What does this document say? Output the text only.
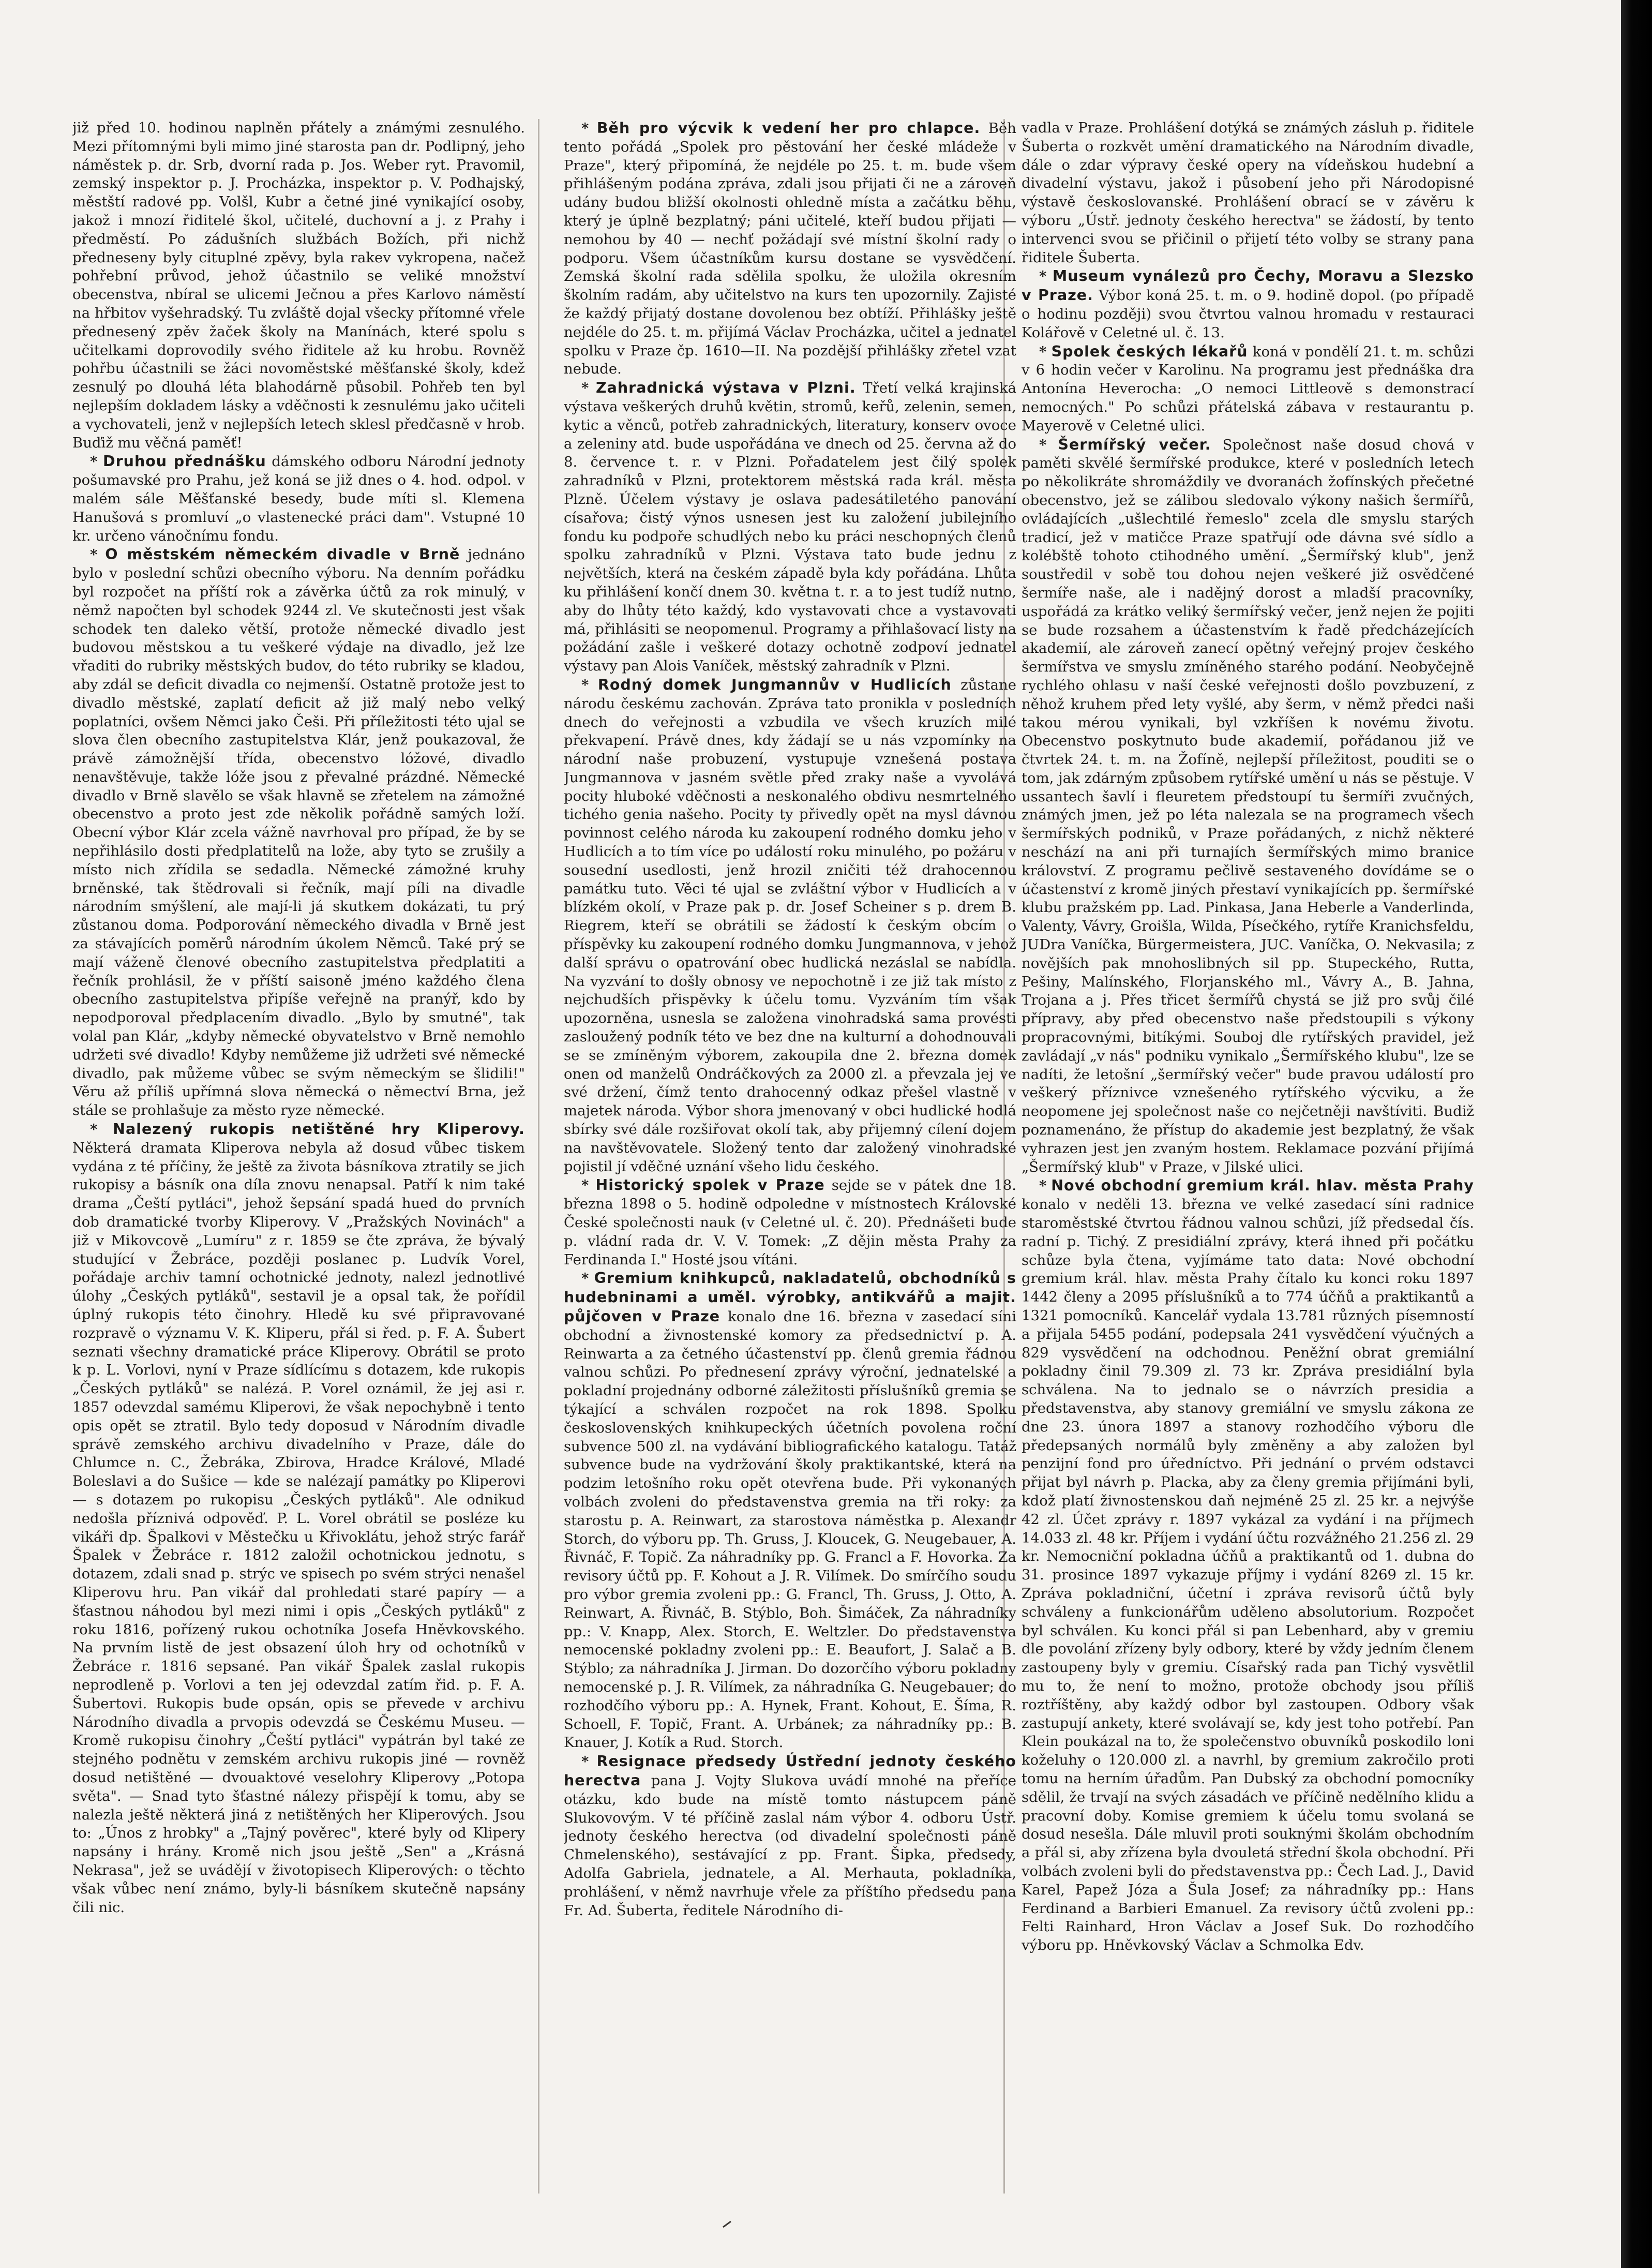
již před 10. hodinou naplněn přátely a známými zesnulého. Mezi přítomnými byli mimo jiné starosta pan dr. Podlipný, jeho náměstek p. dr. Srb, dvorní rada p. Jos. Weber ryt. Pravomil, zemský inspektor p. J. Procházka, inspektor p. V. Podhajský, městští radové pp. Volšl, Kubr a četné jiné vynikající osoby, jakož i mnozí řiditelé škol, učitelé, duchovní a j. z Prahy i předměstí. Po zádušních službách Božích, při nichž předneseny byly cituplné zpěvy, byla rakev vykropena, načež pohřební průvod, jehož účastnilo se veliké množství obecenstva, nbíral se ulicemi Ječnou a přes Karlovo náměstí na hřbitov vyšehradský. Tu zvláště dojal všecky přítomné vřele přednesený zpěv žaček školy na Manínách, které spolu s učitelkami doprovodily svého řiditele až ku hrobu. Rovněž pohřbu účastnili se žáci novoměstské měšťanské školy, kdež zesnulý po dlouhá léta blahodárně působil. Pohřeb ten byl nejlepším dokladem lásky a vděčnosti k zesnulému jako učiteli a vychovateli, jenž v nejlepších letech sklesl předčasně v hrob. Buďiž mu věčná paměť!

* Druhou přednášku dámského odboru Národní jednoty pošumavské pro Prahu, jež koná se již dnes o 4. hod. odpol. v malém sále Měšťanské besedy, bude míti sl. Klemena Hanušová s promluví „o vlastenecké práci dam". Vstupné 10 kr. určeno vánočnímu fondu.

* O městském německém divadle v Brně jednáno bylo v poslední schůzi obecního výboru. Na denním pořádku byl rozpočet na příští rok a závěrka účtů za rok minulý, v němž napočten byl schodek 9244 zl. Ve skutečnosti jest však schodek ten daleko větší, protože německé divadlo jest budovou městskou a tu veškeré výdaje na divadlo, jež lze vřaditi do rubriky městských budov, do této rubriky se kladou, aby zdál se deficit divadla co nejmenší. Ostatně protože jest to divadlo městské, zaplatí deficit až již malý nebo velký poplatníci, ovšem Němci jako Češi. Při příležitosti této ujal se slova člen obecního zastupitelstva Klár, jenž poukazoval, že právě zámožnější třída, obecenstvo lóžové, divadlo nenavštěvuje, takže lóže jsou z převalné prázdné. Německé divadlo v Brně slavělo se však hlavně se zřetelem na zámožné obecenstvo a proto jest zde několik pořádně samých loží. Obecní výbor Klár zcela vážně navrhoval pro případ, že by se nepřihlásilo dosti předplatitelů na lože, aby tyto se zrušily a místo nich zřídila se sedadla. Německé zámožné kruhy brněnské, tak štědrovali si řečník, mají píli na divadle národním smýšlení, ale mají-li já skutkem dokázati, tu prý zůstanou doma. Podporování německého divadla v Brně jest za stávajících poměrů národním úkolem Němců. Také prý se mají váženě členové obecního zastupitelstva předplatiti a řečník prohlásil, že v příští saisoně jméno každého člena obecního zastupitelstva připíše veřejně na pranýř, kdo by nepodporoval předplacením divadlo. „Bylo by smutné", tak volal pan Klár, „kdyby německé obyvatelstvo v Brně nemohlo udržeti své divadlo! Kdyby nemůžeme již udržeti své německé divadlo, pak můžeme vůbec se svým německým se šlidili!" Věru až příliš upřímná slova německá o němectví Brna, jež stále se prohlašuje za město ryze německé.

* Nalezený rukopis netištěné hry Kliperovy. Některá dramata Kliperova nebyla až dosud vůbec tiskem vydána z té příčiny, že ještě za života básníkova ztratily se jich rukopisy a básník ona díla znovu nenapsal. Patří k nim také drama „Čeští pytláci", jehož šepsání spadá hued do prvních dob dramatické tvorby Kliperovy. V „Pražských Novinách" a již v Mikovcově „Lumíru" z r. 1859 se čte zpráva, že bývalý studující v Žebráce, později poslanec p. Ludvík Vorel, pořádaje archiv tamní ochotnické jednoty, nalezl jednotlivé úlohy „Českých pytláků", sestavil je a opsal tak, že pořídil úplný rukopis této činohry. Hledě ku své připravované rozpravě o významu V. K. Kliperu, přál si řed. p. F. A. Šubert seznati všechny dramatické práce Kliperovy. Obrátil se proto k p. L. Vorlovi, nyní v Praze sídlícímu s dotazem, kde rukopis „Českých pytláků" se nalézá. P. Vorel oznámil, že jej asi r. 1857 odevzdal samému Kliperovi, že však nepochybně i tento opis opět se ztratil. Bylo tedy doposud v Národním divadle správě zemského archivu divadelního v Praze, dále do Chlumce n. C., Žebráka, Zbirova, Hradce Králové, Mladé Boleslavi a do Sušice — kde se nalézají památky po Kliperovi — s dotazem po rukopisu „Českých pytláků". Ale odnikud nedošla příznivá odpověď. P. L. Vorel obrátil se posléze ku vikáři dp. Špalkovi v Městečku u Křivoklátu, jehož strýc farář Špalek v Žebráce r. 1812 založil ochotnickou jednotu, s dotazem, zdali snad p. strýc ve spisech po svém strýci nenašel Kliperovu hru. Pan vikář dal prohledati staré papíry — a šťastnou náhodou byl mezi nimi i opis „Českých pytláků" z roku 1816, pořízený rukou ochotníka Josefa Hněvkovského. Na prvním listě de jest obsazení úloh hry od ochotníků v Žebráce r. 1816 sepsané. Pan vikář Špalek zaslal rukopis neprodleně p. Vorlovi a ten jej odevzdal zatím řid. p. F. A. Šubertovi. Rukopis bude opsán, opis se převede v archivu Národního divadla a prvopis odevzdá se Českému Museu. — Kromě rukopisu činohry „Čeští pytláci" vypátrán byl také ze stejného podnětu v zemském archivu rukopis jiné — rovněž dosud netištěné — dvouaktové veselohry Kliperovy „Potopa světa". — Snad tyto šťastné nálezy přispějí k tomu, aby se nalezla ještě některá jiná z netištěných her Kliperových. Jsou to: „Únos z hrobky" a „Tajný pověrec", které byly od Klipery napsány i hrány. Kromě nich jsou ještě „Sen" a „Krásná Nekrasa", jež se uvádějí v životopisech Kliperových: o těchto však vůbec není známo, byly-li básníkem skutečně napsány čili nic.

* Běh pro výcvik k vedení her pro chlapce. Běh tento pořádá „Spolek pro pěstování her české mládeže v Praze", který připomíná, že nejdéle po 25. t. m. bude všem přihlášeným podána zpráva, zdali jsou přijati či ne a zároveň udány budou bližší okolnosti ohledně místa a začátku běhu, který je úplně bezplatný; páni učitelé, kteří budou přijati — nemohou by 40 — nechť požádají své místní školní rady o podporu. Všem účastníkům kursu dostane se vysvědčení. Zemská školní rada sdělila spolku, že uložila okresním školním radám, aby učitelstvo na kurs ten upozornily. Zajisté že každý přijatý dostane dovolenou bez obtíží. Přihlášky ještě nejdéle do 25. t. m. přijímá Václav Procházka, učitel a jednatel spolku v Praze čp. 1610—II. Na pozdější přihlášky zřetel vzat nebude.

* Zahradnická výstava v Plzni. Třetí velká krajinská výstava veškerých druhů květin, stromů, keřů, zelenin, semen, kytic a věnců, potřeb zahradnických, literatury, konserv ovoce a zeleniny atd. bude uspořádána ve dnech od 25. června až do 8. července t. r. v Plzni. Pořadatelem jest čilý spolek zahradníků v Plzni, protektorem městská rada král. města Plzně. Účelem výstavy je oslava padesátiletého panování císařova; čistý výnos usnesen jest ku založení jubilejního fondu ku podpoře schudlých nebo ku práci neschopných členů spolku zahradníků v Plzni. Výstava tato bude jednu z největších, která na českém západě byla kdy pořádána. Lhůta ku přihlášení končí dnem 30. května t. r. a to jest tudíž nutno, aby do lhůty této každý, kdo vystavovati chce a vystavovati má, přihlásiti se neopomenul. Programy a přihlašovací listy na požádání zašle i veškeré dotazy ochotně zodpoví jednatel výstavy pan Alois Vaníček, městský zahradník v Plzni.

* Rodný domek Jungmannův v Hudlicích zůstane národu českému zachován. Zpráva tato pronikla v posledních dnech do veřejnosti a vzbudila ve všech kruzích milé překvapení. Právě dnes, kdy žádají se u nás vzpomínky na národní naše probuzení, vystupuje vznešená postava Jungmannova v jasném světle před zraky naše a vyvolává pocity hluboké vděčnosti a neskonalého obdivu nesmrtelného tichého genia našeho. Pocity ty přivedly opět na mysl dávnou povinnost celého národa ku zakoupení rodného domku jeho v Hudlicích a to tím více po událostí roku minulého, po požáru v sousední usedlosti, jenž hrozil zničiti též drahocennou památku tuto. Věci té ujal se zvláštní výbor v Hudlicích a v blízkém okolí, v Praze pak p. dr. Josef Scheiner s p. drem B. Riegrem, kteří se obrátili se žádostí k českým obcím o příspěvky ku zakoupení rodného domku Jungmannova, v jehož další správu o opatrování obec hudlická nezáslal se nabídla. Na vyzvání to došly obnosy ve nepochotně i ze již tak místo z nejchudších přispěvky k účelu tomu. Vyzváním tím však upozorněna, usnesla se založena vinohradská sama provésti zasloužený podník této ve bez dne na kulturní a dohodnouvali se se zmíněným výborem, zakoupila dne 2. března domek onen od manželů Ondráčkových za 2000 zl. a převzala jej ve své držení, čímž tento drahocenný odkaz přešel vlastně v majetek národa. Výbor shora jmenovaný v obci hudlické hodlá sbírky své dále rozšiřovat okolí tak, aby přijemný cílení dojem na navštěvovatele. Složený tento dar založený vinohradské pojistil jí vděčné uznání všeho lidu českého.

* Historický spolek v Praze sejde se v pátek dne 18. března 1898 o 5. hodině odpoledne v místnostech Královské České společnosti nauk (v Celetné ul. č. 20). Přednášeti bude p. vládní rada dr. V. V. Tomek: „Z dějin města Prahy za Ferdinanda I." Hosté jsou vítáni.

* Gremium knihkupců, nakladatelů, obchodníků s hudebninami a uměl. výrobky, antikvářů a majit. půjčoven v Praze konalo dne 16. března v zasedací síni obchodní a živnostenské komory za předsednictví p. A. Reinwarta a za četného účastenství pp. členů gremia řádnou valnou schůzi. Po přednesení zprávy výroční, jednatelské a pokladní projednány odborné záležitosti příslušníků gremia se týkající a schválen rozpočet na rok 1898. Spolku československých knihkupeckých účetních povolena roční subvence 500 zl. na vydávání bibliografického katalogu. Tatáž subvence bude na vydržování školy praktikantské, která na podzim letošního roku opět otevřena bude. Při vykonaných volbách zvoleni do představenstva gremia na tři roky: za starostu p. A. Reinwart, za starostova náměstka p. Alexandr Storch, do výboru pp. Th. Gruss, J. Kloucek, G. Neugebauer, A. Řivnáč, F. Topič. Za náhradníky pp. G. Francl a F. Hovorka. Za revisory účtů pp. F. Kohout a J. R. Vilímek. Do smírčího soudu pro výbor gremia zvoleni pp.: G. Francl, Th. Gruss, J. Otto, A. Reinwart, A. Řivnáč, B. Stýblo, Boh. Šimáček, Za náhradníky pp.: V. Knapp, Alex. Storch, E. Weltzler. Do představenstva nemocenské pokladny zvoleni pp.: E. Beaufort, J. Salač a B. Stýblo; za náhradníka J. Jirman. Do dozorčího výboru pokladny nemocenské p. J. R. Vilímek, za náhradníka G. Neugebauer; do rozhodčího výboru pp.: A. Hynek, Frant. Kohout, E. Šíma, R. Schoell, F. Topič, Frant. A. Urbánek; za náhradníky pp.: B. Knauer, J. Kotík a Rud. Storch.

* Resignace předsedy Ústřední jednoty českého herectva pana J. Vojty Slukova uvádí mnohé na přeříce otázku, kdo bude na místě tomto nástupcem páně Slukovovým. V té příčině zaslal nám výbor 4. odboru Ústř. jednoty českého herectva (od divadelní společnosti páně Chmelenského), sestávající z pp. Frant. Šipka, předsedy, Adolfa Gabriela, jednatele, a Al. Merhauta, pokladníka, prohlášení, v němž navrhuje vřele za příštího předsedu pana Fr. Ad. Šuberta, ředitele Národního di-

vadla v Praze. Prohlášení dotýká se známých zásluh p. řiditele Šuberta o rozkvět umění dramatického na Národním divadle, dále o zdar výpravy české opery na vídeňskou hudební a divadelní výstavu, jakož i působení jeho při Národopisné výstavě českoslovanské. Prohlášení obrací se v závěru k výboru „Ústř. jednoty českého herectva" se žádostí, by tento intervenci svou se přičinil o přijetí této volby se strany pana řiditele Šuberta.

* Museum vynálezů pro Čechy, Moravu a Slezsko v Praze. Výbor koná 25. t. m. o 9. hodině dopol. (po případě o hodinu později) svou čtvrtou valnou hromadu v restauraci Kolářově v Celetné ul. č. 13.

* Spolek českých lékařů koná v pondělí 21. t. m. schůzi v 6 hodin večer v Karolinu. Na programu jest přednáška dra Antonína Heverocha: „O nemoci Littleově s demonstrací nemocných." Po schůzi přátelská zábava v restaurantu p. Mayerově v Celetné ulici.

* Šermířský večer. Společnost naše dosud chová v paměti skvělé šermířské produkce, které v posledních letech po několikráte shromáždily ve dvoranách žofínských přečetné obecenstvo, jež se zálibou sledovalo výkony našich šermířů, ovládajících „ušlechtilé řemeslo" zcela dle smyslu starých tradicí, jež v matičce Praze spatřují ode dávna své sídlo a kolébště tohoto ctihodného umění. „Šermířský klub", jenž soustředil v sobě tou dohou nejen veškeré již osvědčené šermíře naše, ale i nadějný dorost a mladší pracovníky, uspořádá za krátko veliký šermířský večer, jenž nejen že pojiti se bude rozsahem a účastenstvím k řadě předcházejících akademií, ale zároveň zanecí opětný veřejný projev českého šermířstva ve smyslu zmíněného starého podání. Neobyčejně rychlého ohlasu v naší české veřejnosti došlo povzbuzení, z něhož kruhem před lety vyšlé, aby šerm, v němž předci naši takou mérou vynikali, byl vzkříšen k novému životu. Obecenstvo poskytnuto bude akademií, pořádanou již ve čtvrtek 24. t. m. na Žofíně, nejlepší příležitost, pouditi se o tom, jak zdárným způsobem rytířské umění u nás se pěstuje. V ussantech šavlí i fleuretem předstoupí tu šermíři zvučných, známých jmen, jež po léta nalezala se na programech všech šermířských podniků, v Praze pořádaných, z nichž některé neschází na ani při turnajích šermířských mimo branice království. Z programu pečlivě sestaveného dovídáme se o účastenství z kromě jiných přestaví vynikajících pp. šermířské klubu pražském pp. Lad. Pinkasa, Jana Heberle a Vanderlinda, Valenty, Vávry, Groišla, Wilda, Písečkého, rytíře Kranichsfeldu, JUDra Vaníčka, Bürgermeistera, JUC. Vaníčka, O. Nekvasila; z novějších pak mnohoslibných sil pp. Stupeckého, Rutta, Pešiny, Malínského, Florjanského ml., Vávry A., B. Jahna, Trojana a j. Přes třicet šermířů chystá se již pro svůj čilé přípravy, aby před obecenstvo naše předstoupili s výkony propracovnými, bitíkými. Souboj dle rytířských pravidel, jež zavládají „v nás" podniku vynikalo „Šermířského klubu", lze se nadíti, že letošní „šermířský večer" bude pravou událostí pro veškerý příznivce vznešeného rytířského výcviku, a že neopomene jej společnost naše co nejčetněji navštíviti. Budiž poznamenáno, že přístup do akademie jest bezplatný, že však vyhrazen jest jen zvaným hostem. Reklamace pozvání přijímá „Šermířský klub" v Praze, v Jilské ulici.

* Nové obchodní gremium král. hlav. města Prahy konalo v neděli 13. března ve velké zasedací síni radnice staroměstské čtvrtou řádnou valnou schůzi, jíž předsedal čís. radní p. Tichý. Z presidiální zprávy, která ihned při počátku schůze byla čtena, vyjímáme tato data: Nové obchodní gremium král. hlav. města Prahy čítalo ku konci roku 1897 1442 členy a 2095 příslušníků a to 774 účňů a praktikantů a 1321 pomocníků. Kancelář vydala 13.781 různých písemností a přijala 5455 podání, podepsala 241 vysvědčení výučných a 829 vysvědčení na odchodnou. Peněžní obrat gremiální pokladny činil 79.309 zl. 73 kr. Zpráva presidiální byla schválena. Na to jednalo se o návrzích presidia a představenstva, aby stanovy gremiální ve smyslu zákona ze dne 23. února 1897 a stanovy rozhodčího výboru dle předepsaných normálů byly změněny a aby založen byl penzijní fond pro úředníctvo. Při jednání o prvém odstavci přijat byl návrh p. Placka, aby za členy gremia přijímáni byli, kdož platí živnostenskou daň nejméně 25 zl. 25 kr. a nejvýše 42 zl. Účet zprávy r. 1897 vykázal za vydání i na příjmech 14.033 zl. 48 kr. Příjem i vydání účtu rozvážného 21.256 zl. 29 kr. Nemocniční pokladna účňů a praktikantů od 1. dubna do 31. prosince 1897 vykazuje příjmy i vydání 8269 zl. 15 kr. Zpráva pokladniční, účetní i zpráva revisorů účtů byly schváleny a funkcionářům uděleno absolutorium. Rozpočet byl schválen. Ku konci přál si pan Lebenhard, aby v gremiu dle povolání zřízeny byly odbory, které by vždy jedním členem zastoupeny byly v gremiu. Císařský rada pan Tichý vysvětlil mu to, že není to možno, protože obchody jsou příliš roztříštěny, aby každý odbor byl zastoupen. Odbory však zastupují ankety, které svolávají se, kdy jest toho potřebí. Pan Klein poukázal na to, že společenstvo obuvníků poskodilo loni koželuhy o 120.000 zl. a navrhl, by gremium zakročilo proti tomu na herním úřadům. Pan Dubský za obchodní pomocníky sdělil, že trvají na svých zásadách ve příčině nedělního klidu a pracovní doby. Komise gremiem k účelu tomu svolaná se dosud nesešla. Dále mluvil proti souknými školám obchodním a přál si, aby zřízena byla dvouletá střední škola obchodní. Při volbách zvoleni byli do představenstva pp.: Čech Lad. J., David Karel, Papež Józa a Šula Josef; za náhradníky pp.: Hans Ferdinand a Barbieri Emanuel. Za revisory účtů zvoleni pp.: Felti Rainhard, Hron Václav a Josef Suk. Do rozhodčího výboru pp. Hněvkovský Václav a Schmolka Edv.
